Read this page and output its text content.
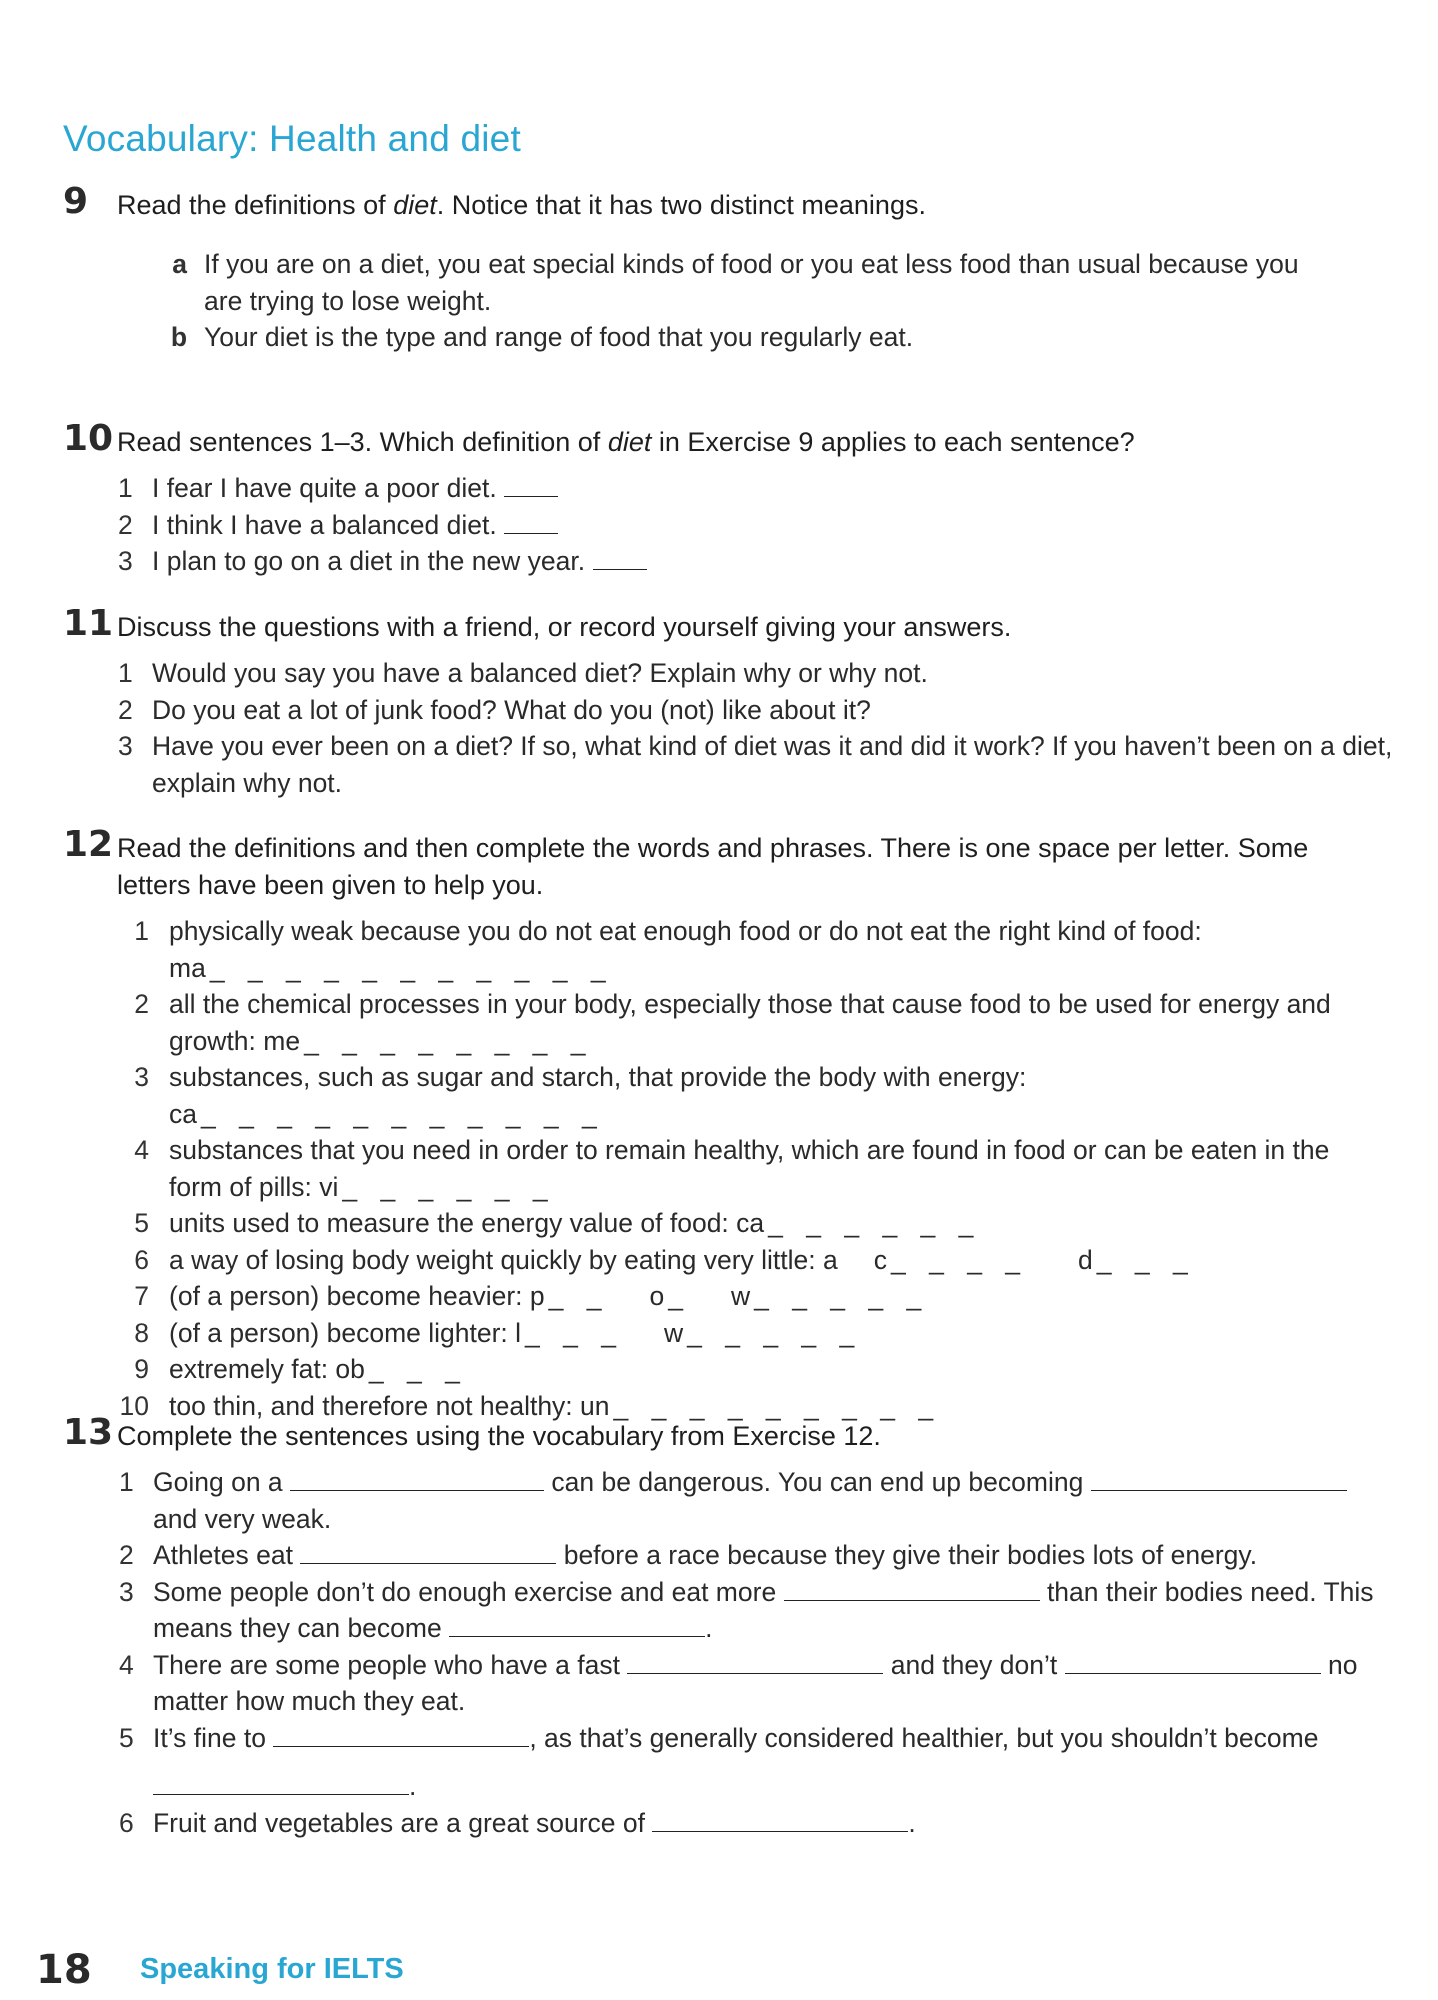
Vocabulary: Health and diet
9 Read the definitions of diet. Notice that it has two distinct meanings.
a If you are on a diet, you eat special kinds of food or you eat less food than usual because you are trying to lose weight.
b Your diet is the type and range of food that you regularly eat.
10 Read sentences 1–3. Which definition of diet in Exercise 9 applies to each sentence?
1 I fear I have quite a poor diet.
2 I think I have a balanced diet.
3 I plan to go on a diet in the new year.
11 Discuss the questions with a friend, or record yourself giving your answers.
1 Would you say you have a balanced diet? Explain why or why not.
2 Do you eat a lot of junk food? What do you (not) like about it?
3 Have you ever been on a diet? If so, what kind of diet was it and did it work? If you haven’t been on a diet, explain why not.
12 Read the definitions and then complete the words and phrases. There is one space per letter. Some letters have been given to help you.
1 physically weak because you do not eat enough food or do not eat the right kind of food:
ma _ _ _ _ _ _ _ _ _ _ _
2 all the chemical processes in your body, especially those that cause food to be used for energy and growth: me _ _ _ _ _ _ _ _
3 substances, such as sugar and starch, that provide the body with energy: ca _ _ _ _ _ _ _ _ _ _ _
4 substances that you need in order to remain healthy, which are found in food or can be eaten in the form of pills: vi _ _ _ _ _ _
5 units used to measure the energy value of food: ca _ _ _ _ _ _
6 a way of losing body weight quickly by eating very little: a c _ _ _ _ d _ _ _
7 (of a person) become heavier: p _ _ o _ w _ _ _ _ _
8 (of a person) become lighter: l _ _ _ w _ _ _ _ _
9 extremely fat: ob _ _ _
10 too thin, and therefore not healthy: un _ _ _ _ _ _ _ _ _
13 Complete the sentences using the vocabulary from Exercise 12.
1 Going on a	can be dangerous. You can end up becoming
and very weak.
2 Athletes eat	before a race because they give their bodies lots of energy.
3 Some people don’t do enough exercise and eat more	than their bodies need. This means they can become	.
4 There are some people who have a fast	and they don’t	no matter how much they eat.
5 It’s fine to	, as that’s generally considered healthier, but you shouldn’t become
.
6 Fruit and vegetables are a great source of	.
18 Speaking for IELTS
